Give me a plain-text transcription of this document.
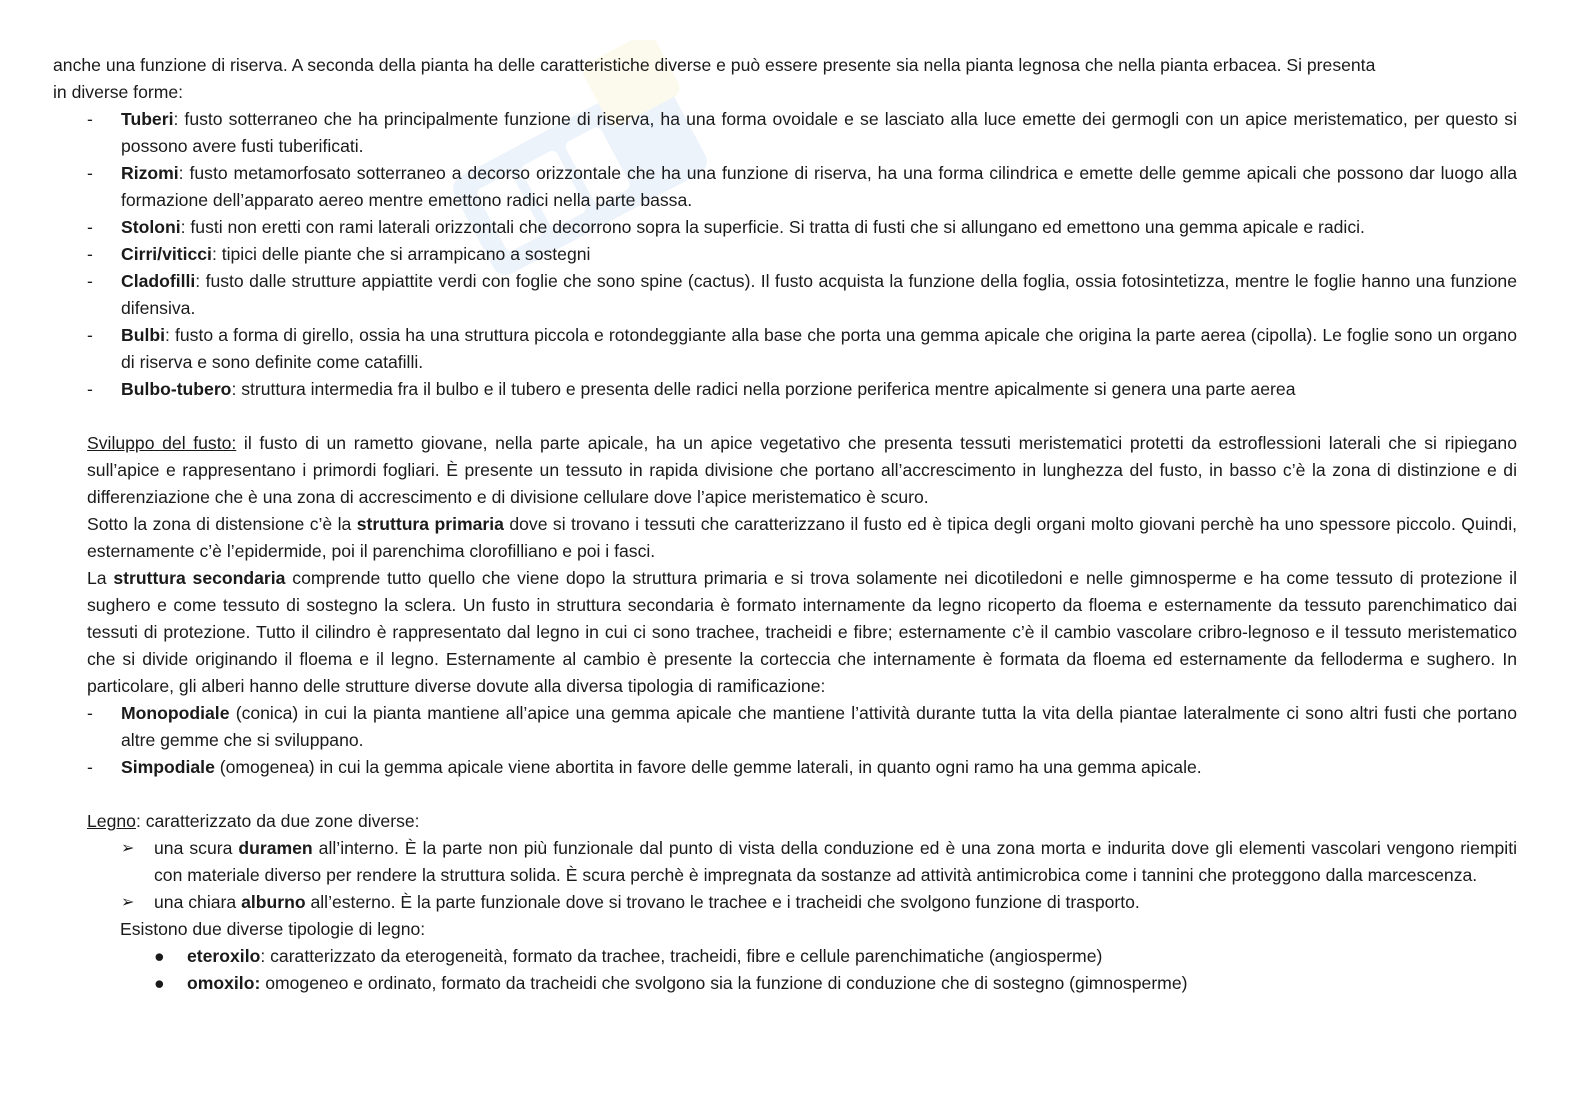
anche una funzione di riserva. A seconda della pianta ha delle caratteristiche diverse e può essere presente sia nella pianta legnosa che nella pianta erbacea. Si presenta
in diverse forme:

- Tuberi: fusto sotterraneo che ha principalmente funzione di riserva, ha una forma ovoidale e se lasciato alla luce emette dei germogli con un apice meristematico, per questo si possono avere fusti tuberificati.
- Rizomi: fusto metamorfosato sotterraneo a decorso orizzontale che ha una funzione di riserva, ha una forma cilindrica e emette delle gemme apicali che possono dar luogo alla formazione dell’apparato aereo mentre emettono radici nella parte bassa.
- Stoloni: fusti non eretti con rami laterali orizzontali che decorrono sopra la superficie. Si tratta di fusti che si allungano ed emettono una gemma apicale e radici.
- Cirri/viticci: tipici delle piante che si arrampicano a sostegni
- Cladofilli: fusto dalle strutture appiattite verdi con foglie che sono spine (cactus). Il fusto acquista la funzione della foglia, ossia fotosintetizza, mentre le foglie hanno una funzione difensiva.
- Bulbi: fusto a forma di girello, ossia ha una struttura piccola e rotondeggiante alla base che porta una gemma apicale che origina la parte aerea (cipolla). Le foglie sono un organo di riserva e sono definite come catafilli.
- Bulbo-tubero: struttura intermedia fra il bulbo e il tubero e presenta delle radici nella porzione periferica mentre apicalmente si genera una parte aerea

Sviluppo del fusto: il fusto di un rametto giovane, nella parte apicale, ha un apice vegetativo che presenta tessuti meristematici protetti da estroflessioni laterali che si ripiegano sull’apice e rappresentano i primordi fogliari. È presente un tessuto in rapida divisione che portano all’accrescimento in lunghezza del fusto, in basso c’è la zona di distinzione e di differenziazione che è una zona di accrescimento e di divisione cellulare dove l’apice meristematico è scuro.

Sotto la zona di distensione c’è la struttura primaria dove si trovano i tessuti che caratterizzano il fusto ed è tipica degli organi molto giovani perchè ha uno spessore piccolo. Quindi, esternamente c’è l’epidermide, poi il parenchima clorofilliano e poi i fasci.

La struttura secondaria comprende tutto quello che viene dopo la struttura primaria e si trova solamente nei dicotiledoni e nelle gimnosperme e ha come tessuto di protezione il sughero e come tessuto di sostegno la sclera. Un fusto in struttura secondaria è formato internamente da legno ricoperto da floema e esternamente da tessuto parenchimatico dai tessuti di protezione. Tutto il cilindro è rappresentato dal legno in cui ci sono trachee, tracheidi e fibre; esternamente c’è il cambio vascolare cribro-legnoso e il tessuto meristematico che si divide originando il floema e il legno. Esternamente al cambio è presente la corteccia che internamente è formata da floema ed esternamente da felloderma e sughero. In particolare, gli alberi hanno delle strutture diverse dovute alla diversa tipologia di ramificazione:

- Monopodiale (conica) in cui la pianta mantiene all’apice una gemma apicale che mantiene l’attività durante tutta la vita della piantae lateralmente ci sono altri fusti che portano altre gemme che si sviluppano.
- Simpodiale (omogenea) in cui la gemma apicale viene abortita in favore delle gemme laterali, in quanto ogni ramo ha una gemma apicale.

Legno: caratterizzato da due zone diverse:

➢ una scura duramen all’interno. È la parte non più funzionale dal punto di vista della conduzione ed è una zona morta e indurita dove gli elementi vascolari vengono riempiti con materiale diverso per rendere la struttura solida. È scura perchè è impregnata da sostanze ad attività antimicrobica come i tannini che proteggono dalla marcescenza.
➢ una chiara alburno all’esterno. È la parte funzionale dove si trovano le trachee e i tracheidi che svolgono funzione di trasporto.

Esistono due diverse tipologie di legno:

● eteroxilo: caratterizzato da eterogeneità, formato da trachee, tracheidi, fibre e cellule parenchimatiche (angiosperme)
● omoxilo: omogeneo e ordinato, formato da tracheidi che svolgono sia la funzione di conduzione che di sostegno (gimnosperme)
